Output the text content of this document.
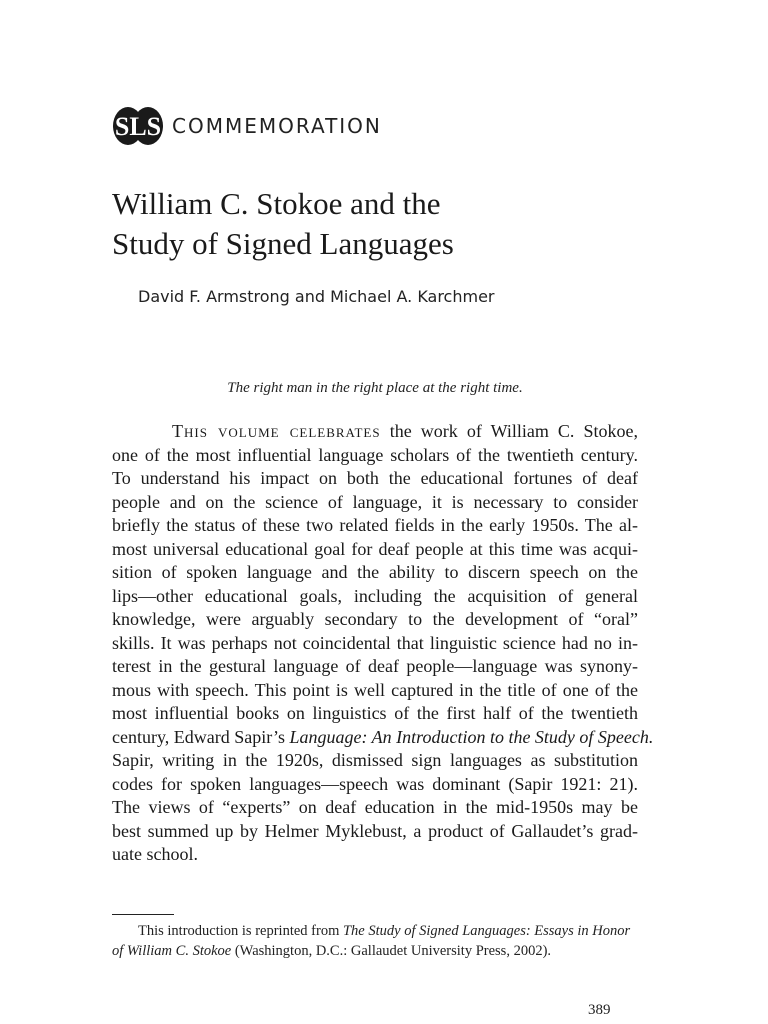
SLS COMMEMORATION
William C. Stokoe and the
Study of Signed Languages
David F. Armstrong and Michael A. Karchmer
The right man in the right place at the right time.

This volume celebrates the work of William C. Stokoe,
one of the most influential language scholars of the twentieth century.
To understand his impact on both the educational fortunes of deaf
people and on the science of language, it is necessary to consider
briefly the status of these two related fields in the early 1950s. The al-
most universal educational goal for deaf people at this time was acqui-
sition of spoken language and the ability to discern speech on the
lips—other educational goals, including the acquisition of general
knowledge, were arguably secondary to the development of “oral”
skills. It was perhaps not coincidental that linguistic science had no in-
terest in the gestural language of deaf people—language was synony-
mous with speech. This point is well captured in the title of one of the
most influential books on linguistics of the first half of the twentieth
century, Edward Sapir’s Language: An Introduction to the Study of Speech.
Sapir, writing in the 1920s, dismissed sign languages as substitution
codes for spoken languages—speech was dominant (Sapir 1921: 21).
The views of “experts” on deaf education in the mid-1950s may be
best summed up by Helmer Myklebust, a product of Gallaudet’s grad-
uate school.

This introduction is reprinted from The Study of Signed Languages: Essays in Honor
of William C. Stokoe (Washington, D.C.: Gallaudet University Press, 2002).

389
